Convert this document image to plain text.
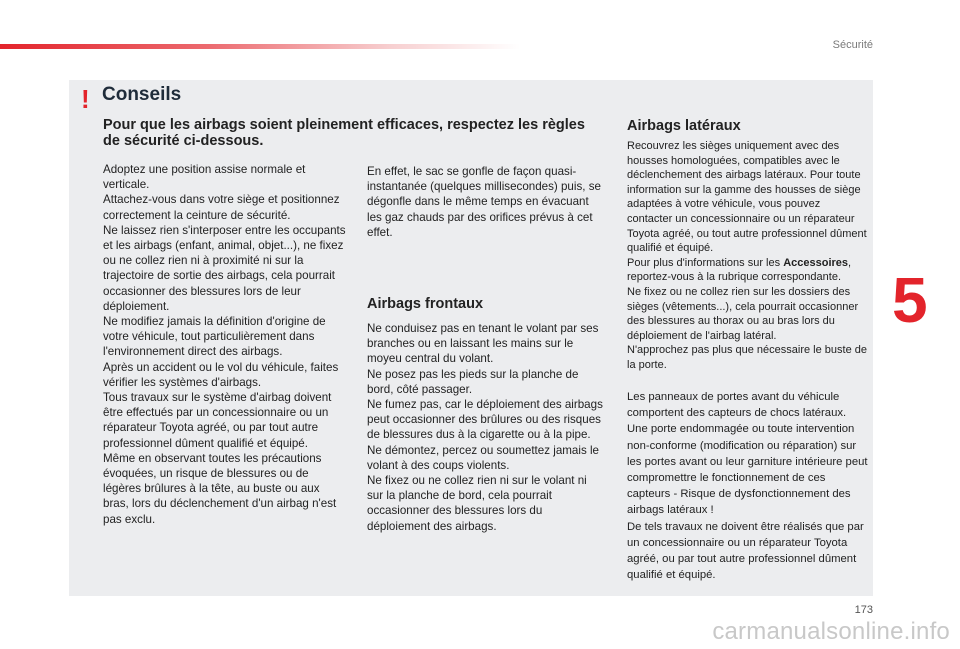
Sécurité
5
173
carmanualsonline.info
! Conseils
Pour que les airbags soient pleinement efficaces, respectez les règles de sécurité ci-dessous.

Adoptez une position assise normale et verticale.

Attachez-vous dans votre siège et positionnez correctement la ceinture de sécurité.

Ne laissez rien s'interposer entre les occupants et les airbags (enfant, animal, objet...), ne fixez ou ne collez rien ni à proximité ni sur la trajectoire de sortie des airbags, cela pourrait occasionner des blessures lors de leur déploiement.

Ne modifiez jamais la définition d'origine de votre véhicule, tout particulièrement dans l'environnement direct des airbags.

Après un accident ou le vol du véhicule, faites vérifier les systèmes d'airbags.

Tous travaux sur le système d'airbag doivent être effectués par un concessionnaire ou un réparateur Toyota agréé, ou par tout autre professionnel dûment qualifié et équipé.

Même en observant toutes les précautions évoquées, un risque de blessures ou de légères brûlures à la tête, au buste ou aux bras, lors du déclenchement d'un airbag n'est pas exclu.

En effet, le sac se gonfle de façon quasi-instantanée (quelques millisecondes) puis, se dégonfle dans le même temps en évacuant les gaz chauds par des orifices prévus à cet effet.

Airbags frontaux

Ne conduisez pas en tenant le volant par ses branches ou en laissant les mains sur le moyeu central du volant.

Ne posez pas les pieds sur la planche de bord, côté passager.

Ne fumez pas, car le déploiement des airbags peut occasionner des brûlures ou des risques de blessures dus à la cigarette ou à la pipe.

Ne démontez, percez ou soumettez jamais le volant à des coups violents.

Ne fixez ou ne collez rien ni sur le volant ni sur la planche de bord, cela pourrait occasionner des blessures lors du déploiement des airbags.

Airbags latéraux

Recouvrez les sièges uniquement avec des housses homologuées, compatibles avec le déclenchement des airbags latéraux. Pour toute information sur la gamme des housses de siège adaptées à votre véhicule, vous pouvez contacter un concessionnaire ou un réparateur Toyota agréé, ou tout autre professionnel dûment qualifié et équipé.

Pour plus d'informations sur les Accessoires, reportez-vous à la rubrique correspondante.

Ne fixez ou ne collez rien sur les dossiers des sièges (vêtements...), cela pourrait occasionner des blessures au thorax ou au bras lors du déploiement de l'airbag latéral.

N'approchez pas plus que nécessaire le buste de la porte.

Les panneaux de portes avant du véhicule comportent des capteurs de chocs latéraux.

Une porte endommagée ou toute intervention non-conforme (modification ou réparation) sur les portes avant ou leur garniture intérieure peut compromettre le fonctionnement de ces capteurs - Risque de dysfonctionnement des airbags latéraux !

De tels travaux ne doivent être réalisés que par un concessionnaire ou un réparateur Toyota agréé, ou par tout autre professionnel dûment qualifié et équipé.
